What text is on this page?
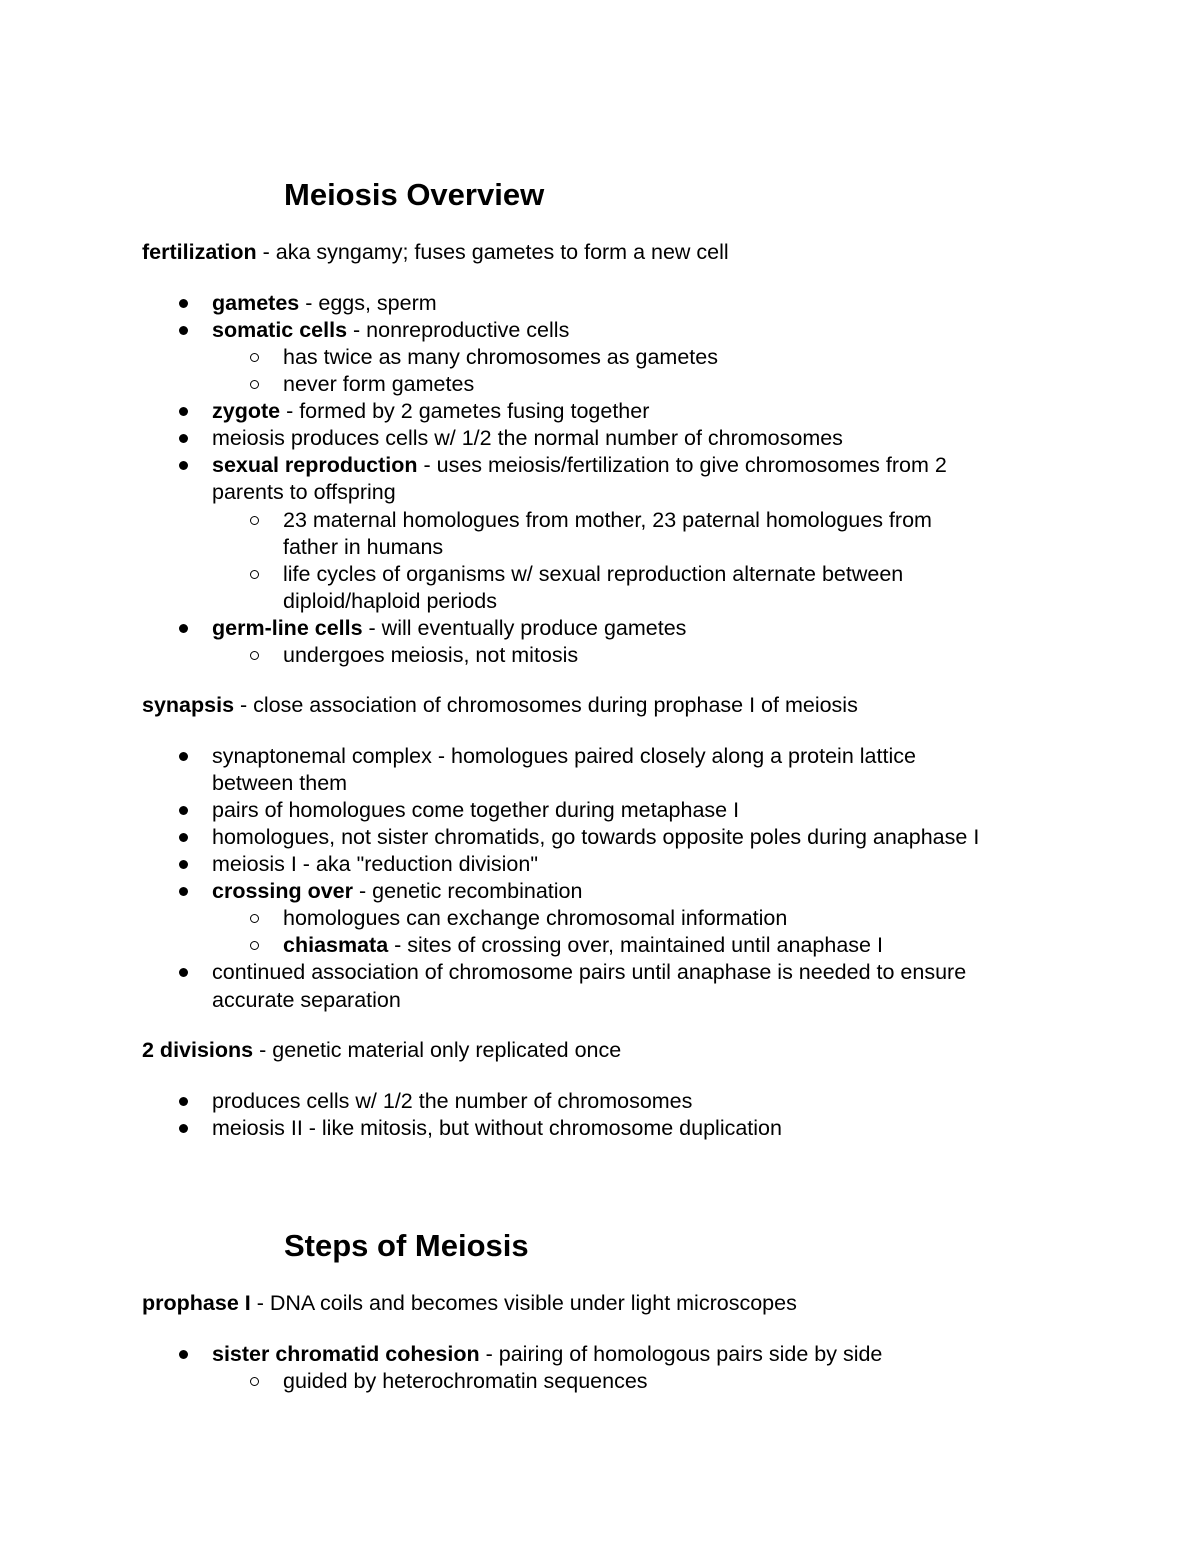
Meiosis Overview
fertilization - aka syngamy; fuses gametes to form a new cell
gametes - eggs, sperm
somatic cells - nonreproductive cells
has twice as many chromosomes as gametes
never form gametes
zygote - formed by 2 gametes fusing together
meiosis produces cells w/ 1/2 the normal number of chromosomes
sexual reproduction - uses meiosis/fertilization to give chromosomes from 2
parents to offspring
23 maternal homologues from mother, 23 paternal homologues from
father in humans
life cycles of organisms w/ sexual reproduction alternate between
diploid/haploid periods
germ-line cells - will eventually produce gametes
undergoes meiosis, not mitosis
synapsis - close association of chromosomes during prophase I of meiosis
synaptonemal complex - homologues paired closely along a protein lattice
between them
pairs of homologues come together during metaphase I
homologues, not sister chromatids, go towards opposite poles during anaphase I
meiosis I - aka "reduction division"
crossing over - genetic recombination
homologues can exchange chromosomal information
chiasmata - sites of crossing over, maintained until anaphase I
continued association of chromosome pairs until anaphase is needed to ensure
accurate separation
2 divisions - genetic material only replicated once
produces cells w/ 1/2 the number of chromosomes
meiosis II - like mitosis, but without chromosome duplication
Steps of Meiosis
prophase I - DNA coils and becomes visible under light microscopes
sister chromatid cohesion - pairing of homologous pairs side by side
guided by heterochromatin sequences
